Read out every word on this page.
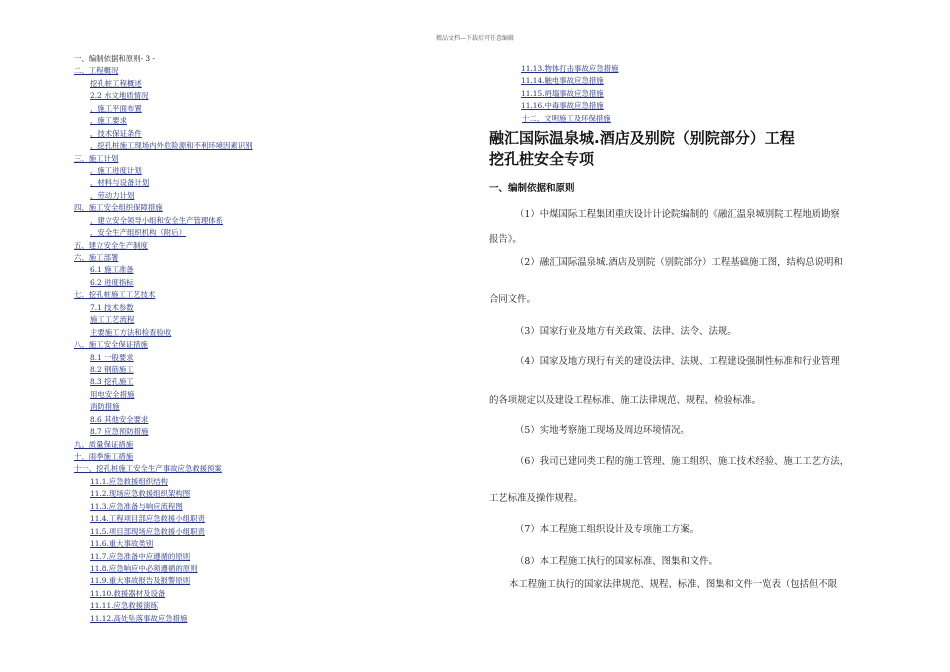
精品文档---下载后可任意编辑
一、编制依据和原则- 3 -
二、工程概况
挖孔桩工程概述
2.2 水文地质情况
、施工平面布置
、施工要求
、技术保证条件
、挖孔桩施工现场内外危险源和不利环境因素识别
三、施工计划
、施工进度计划
、材料与设备计划
、劳动力计划
四、施工安全组织保障措施
、建立安全领导小组和安全生产管理体系
、安全生产组织机构（附后）
五、建立安全生产制度
六、施工部署
6.1 施工准备
6.2 进度指标
七、挖孔桩施工工艺技术
7.1 技术参数
施工工艺流程
主要施工方法和检查验收
八、施工安全保证措施
8.1 一般要求
8.2 钢筋施工
8.3 挖孔施工
用电安全措施
消防措施
8.6 其他安全要求
8.7 应急预防措施
九、质量保证措施
十、雨季施工措施
十一、挖孔桩施工安全生产事故应急救援预案
11.1.应急救援组织结构
11.2.现场应急救援组织架构图
11.3.应急准备与响应流程图
11.4.工程项目部应急救援小组职责
11.5.项目部现场应急救援小组职责
11.6.重大事故类别
11.7.应急准备中应遵循的原则
11.8.应急响应中必须遵循的原则
11.9.重大事故报告及报警原则
11.10.救援器材及设备
11.11.应急救援演练
11.12.高处坠落事故应急措施
11.13.物体打击事故应急措施
11.14.触电事故应急措施
11.15.坍塌事故应急措施
11.16.中毒事故应急措施
十二、文明施工及环保措施
融汇国际温泉城.酒店及别院（别院部分）工程
挖孔桩安全专项
一、编制依据和原则
（1）中煤国际工程集团重庆设计计论院编制的《融汇温泉城别院工程地质勘察
报告》。
（2）融汇国际温泉城.酒店及别院（别院部分）工程基础施工图，结构总说明和
合同文件。
（3）国家行业及地方有关政策、法律、法令、法规。
（4）国家及地方现行有关的建设法律、法规、工程建设强制性标准和行业管理
的各项规定以及建设工程标准、施工法律规范、规程、检验标准。
（5）实地考察施工现场及周边环境情况。
（6）我司已建同类工程的施工管理、施工组织、施工技术经验、施工工艺方法，
工艺标准及操作规程。
（7）本工程施工组织设计及专项施工方案。
（8）本工程施工执行的国家标准、图集和文件。
本工程施工执行的国家法律规范、规程、标准、图集和文件一览表（包括但不限
